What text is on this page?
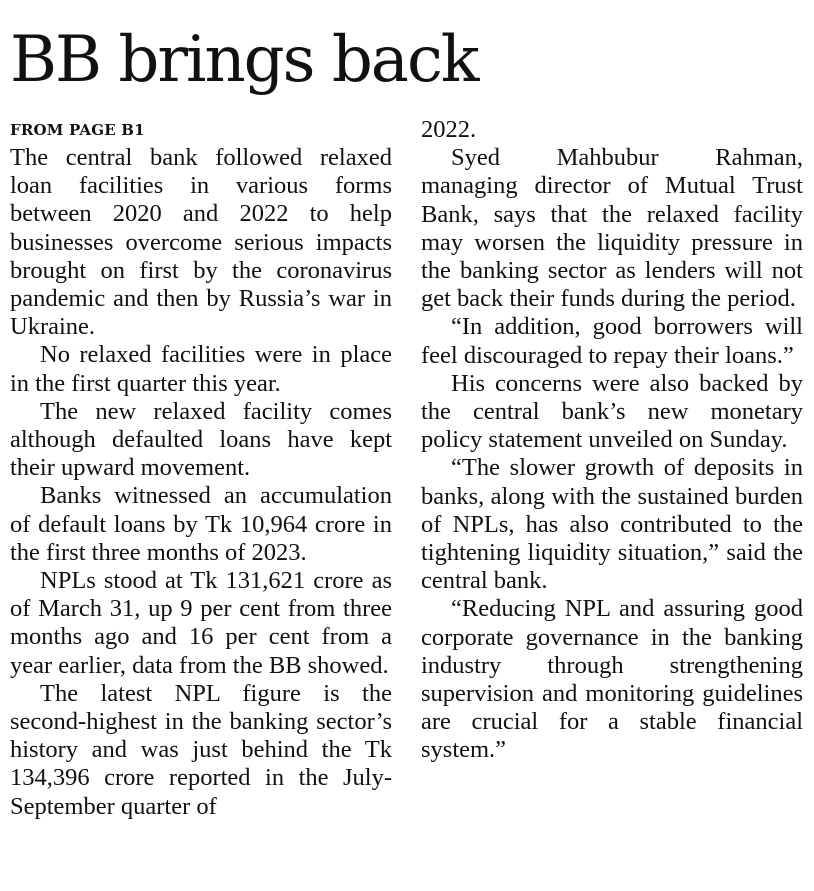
BB brings back

FROM PAGE B1

The central bank followed relaxed loan facilities in various forms between 2020 and 2022 to help businesses overcome serious impacts brought on first by the coronavirus pandemic and then by Russia’s war in Ukraine.

No relaxed facilities were in place in the first quarter this year.

The new relaxed facility comes although defaulted loans have kept their upward movement.

Banks witnessed an accumulation of default loans by Tk 10,964 crore in the first three months of 2023.

NPLs stood at Tk 131,621 crore as of March 31, up 9 per cent from three months ago and 16 per cent from a year earlier, data from the BB showed.

The latest NPL figure is the second-highest in the banking sector’s history and was just behind the Tk 134,396 crore reported in the July-September quarter of

2022.

Syed Mahbubur Rahman, managing director of Mutual Trust Bank, says that the relaxed facility may worsen the liquidity pressure in the banking sector as lenders will not get back their funds during the period.

“In addition, good borrowers will feel discouraged to repay their loans.”

His concerns were also backed by the central bank’s new monetary policy statement unveiled on Sunday.

“The slower growth of deposits in banks, along with the sustained burden of NPLs, has also contributed to the tightening liquidity situation,” said the central bank.

“Reducing NPL and assuring good corporate governance in the banking industry through strengthening supervision and monitoring guidelines are crucial for a stable financial system.”
